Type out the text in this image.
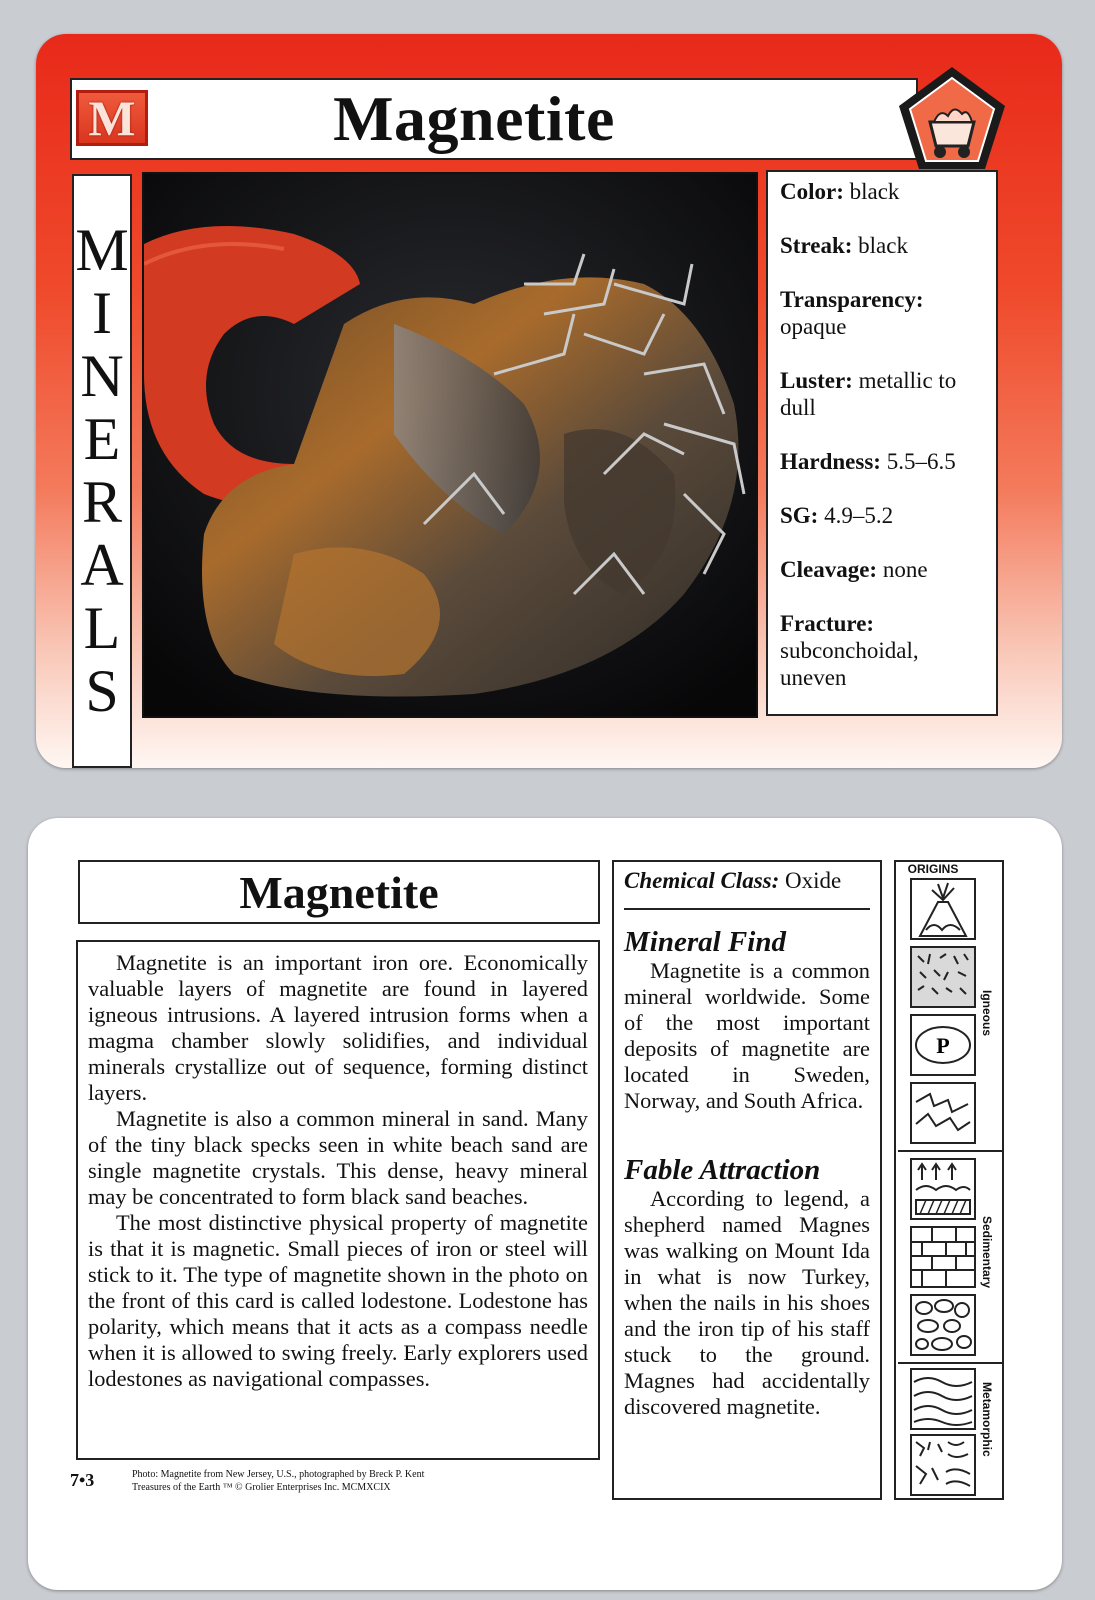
M	Magnetite
M
I
N
E
R
A
L
S
Color: black
Streak: black
Transparency: opaque
Luster: metallic to dull
Hardness: 5.5–6.5
SG: 4.9–5.2
Cleavage: none
Fracture: subconchoidal, uneven
Magnetite

Magnetite is an important iron ore. Economically valuable layers of magnetite are found in layered igneous intrusions. A layered intrusion forms when a magma chamber slowly solidifies, and individual minerals crystallize out of sequence, forming distinct layers.

Magnetite is also a common mineral in sand. Many of the tiny black specks seen in white beach sand are single magnetite crystals. This dense, heavy mineral may be concentrated to form black sand beaches.

The most distinctive physical property of magnetite is that it is magnetic. Small pieces of iron or steel will stick to it. The type of magnetite shown in the photo on the front of this card is called lodestone. Lodestone has polarity, which means that it acts as a compass needle when it is allowed to swing freely. Early explorers used lodestones as navigational compasses.

7•3	Photo: Magnetite from New Jersey, U.S., photographed by Breck P. Kent
Treasures of the Earth ™ © Grolier Enterprises Inc. MCMXCIX
Chemical Class: Oxide
Mineral Find
Magnetite is a common mineral worldwide. Some of the most important deposits of magnetite are located in Sweden, Norway, and South Africa.
Fable Attraction
According to legend, a shepherd named Magnes was walking on Mount Ida in what is now Turkey, when the nails in his shoes and the iron tip of his staff stuck to the ground. Magnes had accidentally discovered magnetite.
ORIGINS
P
Igneous
Sedimentary
Metamorphic
